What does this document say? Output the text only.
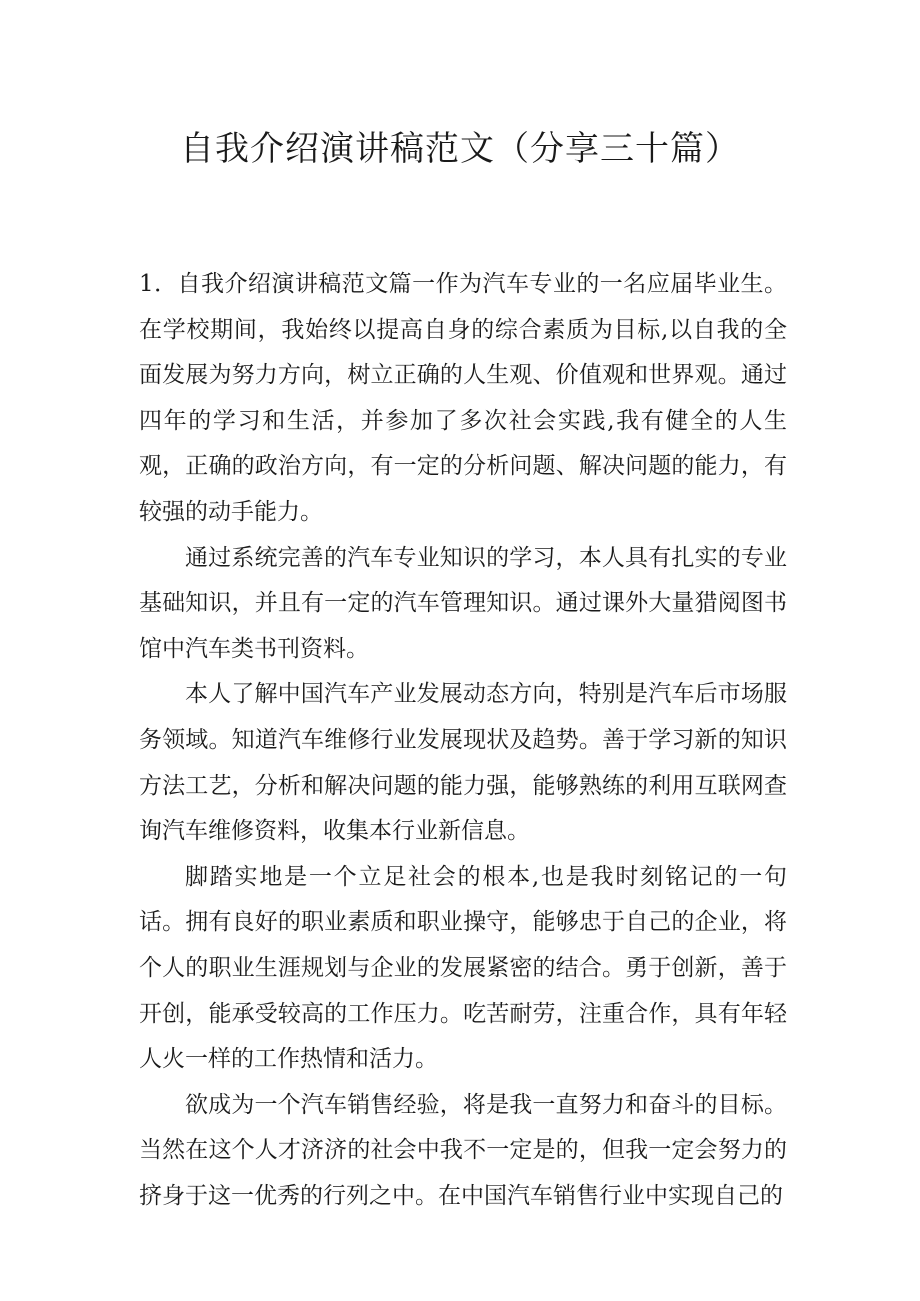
自我介绍演讲稿范文（分享三十篇）

1．自我介绍演讲稿范文篇一作为汽车专业的一名应届毕业生。在学校期间，我始终以提高自身的综合素质为目标,以自我的全面发展为努力方向，树立正确的人生观、价值观和世界观。通过四年的学习和生活，并参加了多次社会实践,我有健全的人生观，正确的政治方向，有一定的分析问题、解决问题的能力，有较强的动手能力。

通过系统完善的汽车专业知识的学习，本人具有扎实的专业基础知识，并且有一定的汽车管理知识。通过课外大量猎阅图书馆中汽车类书刊资料。

本人了解中国汽车产业发展动态方向，特别是汽车后市场服务领域。知道汽车维修行业发展现状及趋势。善于学习新的知识方法工艺，分析和解决问题的能力强，能够熟练的利用互联网查询汽车维修资料，收集本行业新信息。

脚踏实地是一个立足社会的根本,也是我时刻铭记的一句话。拥有良好的职业素质和职业操守，能够忠于自己的企业，将个人的职业生涯规划与企业的发展紧密的结合。勇于创新，善于开创，能承受较高的工作压力。吃苦耐劳，注重合作，具有年轻人火一样的工作热情和活力。

欲成为一个汽车销售经验，将是我一直努力和奋斗的目标。当然在这个人才济济的社会中我不一定是的，但我一定会努力的挤身于这一优秀的行列之中。在中国汽车销售行业中实现自己的
